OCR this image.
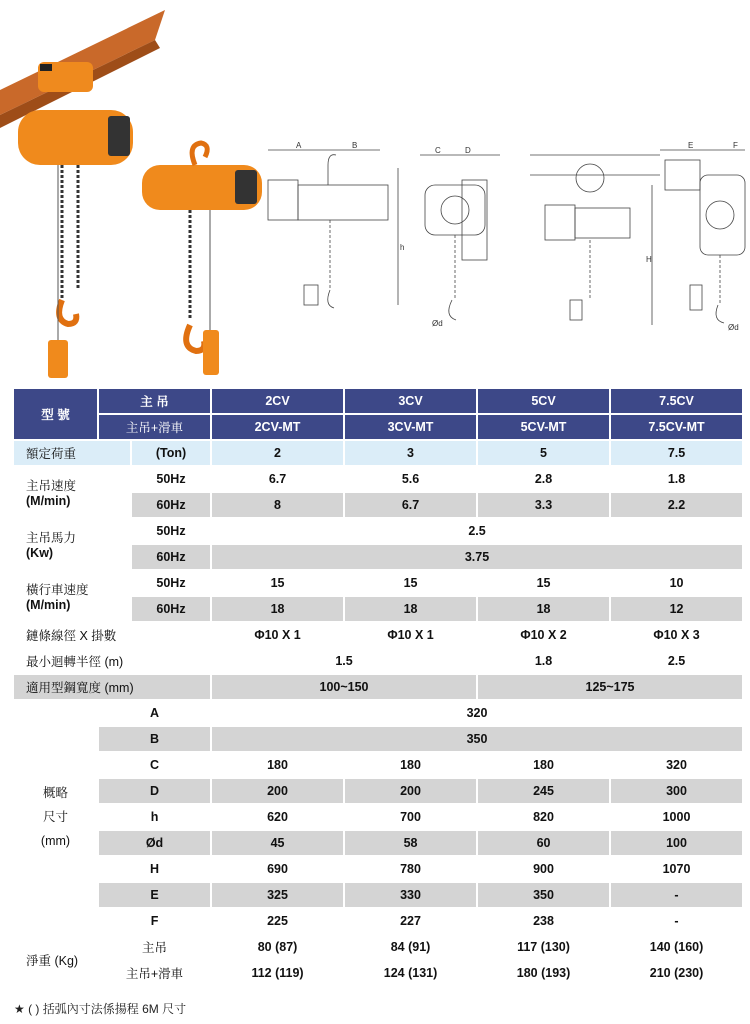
A	B
h
C	D
Ød
H
E	F
Ød
型 號	主 吊		2CV	3CV	5CV	7.5CV
	主吊+滑車		2CV-MT	3CV-MT	5CV-MT	7.5CV-MT
額定荷重		(Ton)	2	3	5	7.5
主吊速度
(M/min)		50Hz	6.7	5.6	2.8	1.8
		60Hz	8	6.7	3.3	2.2
主吊馬力
(Kw)		50Hz	2.5			
		60Hz	3.75			
橫行車速度
(M/min)		50Hz	15	15	15	10
		60Hz	18	18	18	12
鏈條線徑 X 掛數			Φ10 X 1	Φ10 X 1	Φ10 X 2	Φ10 X 3
最小迴轉半徑 (m)			1.5		1.8	2.5
適用型鋼寬度 (mm)			100~150		125~175	
概略
尺寸
(mm)	A		320			
	B		350			
	C		180	180	180	320
	D		200	200	245	300
	h		620	700	820	1000
	Ød		45	58	60	100
	H		690	780	900	1070
	E		325	330	350	-
	F		225	227	238	-
淨重 (Kg)	主吊		80 (87)	84 (91)	117 (130)	140 (160)
	主吊+滑車		112 (119)	124 (131)	180 (193)	210 (230)
★ ( ) 括弧內寸法係揚程 6M 尺寸
